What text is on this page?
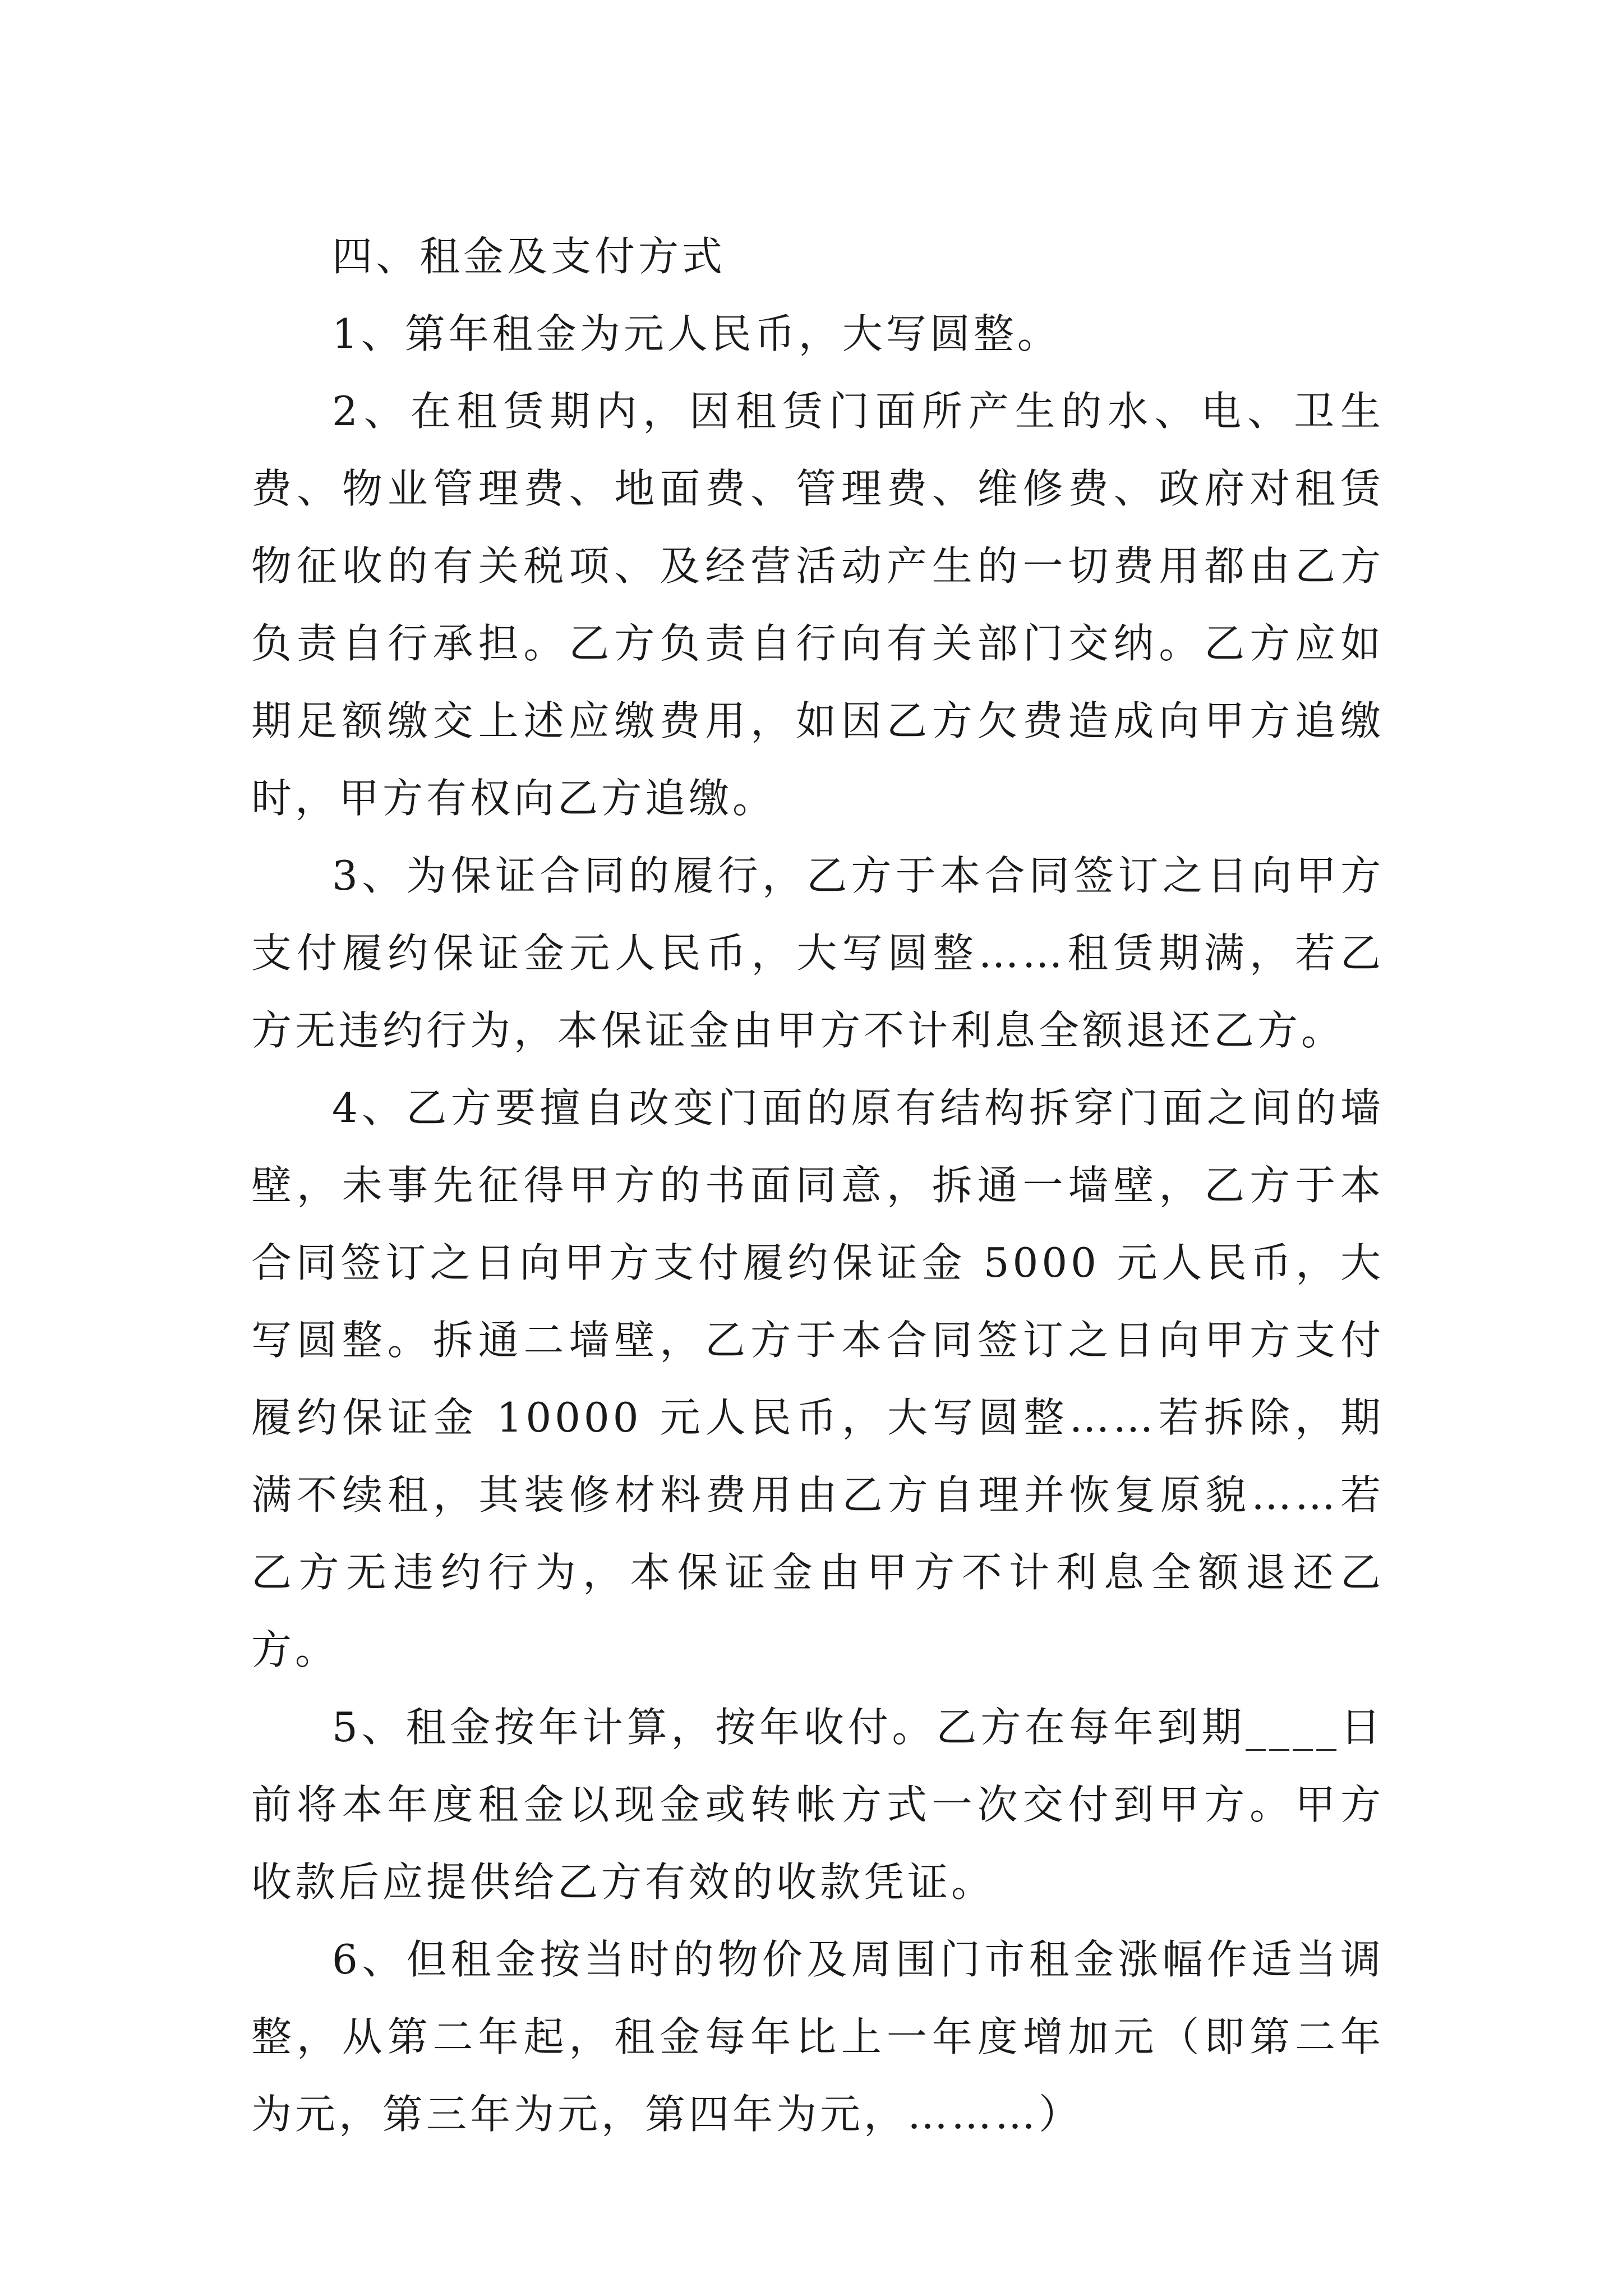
四、租金及支付方式

1、第年租金为元人民币，大写圆整。

2、在租赁期内，因租赁门面所产生的水、电、卫生费、物业管理费、地面费、管理费、维修费、政府对租赁物征收的有关税项、及经营活动产生的一切费用都由乙方负责自行承担。乙方负责自行向有关部门交纳。乙方应如期足额缴交上述应缴费用，如因乙方欠费造成向甲方追缴时，甲方有权向乙方追缴。

3、为保证合同的履行，乙方于本合同签订之日向甲方支付履约保证金元人民币，大写圆整……租赁期满，若乙方无违约行为，本保证金由甲方不计利息全额退还乙方。

4、乙方要擅自改变门面的原有结构拆穿门面之间的墙壁，未事先征得甲方的书面同意，拆通一墙壁，乙方于本合同签订之日向甲方支付履约保证金 5000 元人民币，大写圆整。拆通二墙壁，乙方于本合同签订之日向甲方支付履约保证金 10000 元人民币，大写圆整……若拆除，期满不续租，其装修材料费用由乙方自理并恢复原貌……若乙方无违约行为，本保证金由甲方不计利息全额退还乙方。

5、租金按年计算，按年收付。乙方在每年到期____日前将本年度租金以现金或转帐方式一次交付到甲方。甲方收款后应提供给乙方有效的收款凭证。

6、但租金按当时的物价及周围门市租金涨幅作适当调整，从第二年起，租金每年比上一年度增加元（即第二年为元，第三年为元，第四年为元，………）
